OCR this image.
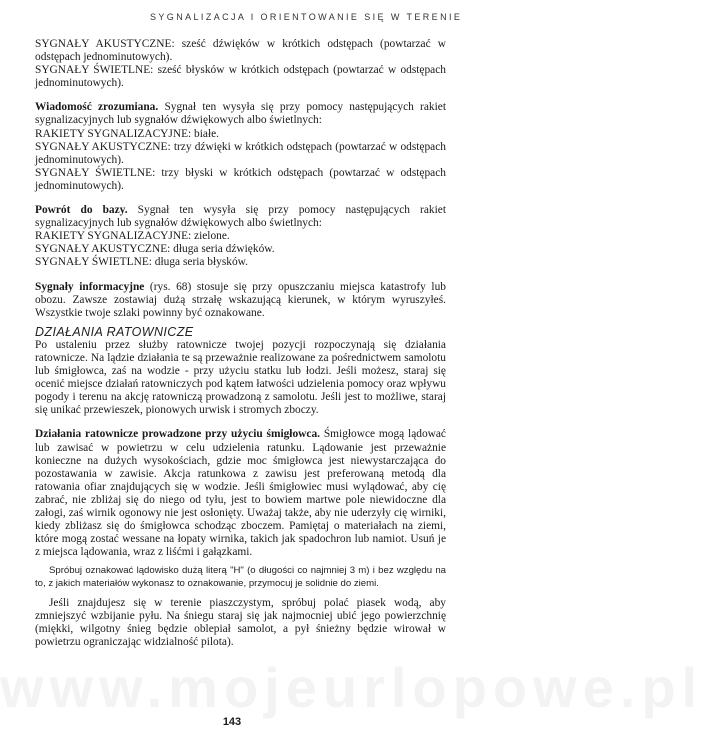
SYGNALIZACJA I ORIENTOWANIE SIĘ W TERENIE

SYGNAŁY AKUSTYCZNE: sześć dźwięków w krótkich odstępach (powtarzać w odstępach jednominutowych).

SYGNAŁY ŚWIETLNE: sześć błysków w krótkich odstępach (powtarzać w odstępach jednominutowych).

Wiadomość zrozumiana. Sygnał ten wysyła się przy pomocy następujących rakiet sygnalizacyjnych lub sygnałów dźwiękowych albo świetlnych:

RAKIETY SYGNALIZACYJNE: białe.

SYGNAŁY AKUSTYCZNE: trzy dźwięki w krótkich odstępach (powtarzać w odstępach jednominutowych).

SYGNAŁY ŚWIETLNE: trzy błyski w krótkich odstępach (powtarzać w odstępach jednominutowych).

Powrót do bazy. Sygnał ten wysyła się przy pomocy następujących rakiet sygnalizacyjnych lub sygnałów dźwiękowych albo świetlnych:

RAKIETY SYGNALIZACYJNE: zielone.

SYGNAŁY AKUSTYCZNE: długa seria dźwięków.

SYGNAŁY ŚWIETLNE: długa seria błysków.

Sygnały informacyjne (rys. 68) stosuje się przy opuszczaniu miejsca katastrofy lub obozu. Zawsze zostawiaj dużą strzałę wskazującą kierunek, w którym wyruszyłeś. Wszystkie twoje szlaki powinny być oznakowane.

DZIAŁANIA RATOWNICZE

Po ustaleniu przez służby ratownicze twojej pozycji rozpoczynają się działania ratownicze. Na lądzie działania te są przeważnie realizowane za pośrednictwem samolotu lub śmigłowca, zaś na wodzie - przy użyciu statku lub łodzi. Jeśli możesz, staraj się ocenić miejsce działań ratowniczych pod kątem łatwości udzielenia pomocy oraz wpływu pogody i terenu na akcję ratowniczą prowadzoną z samolotu. Jeśli jest to możliwe, staraj się unikać przewieszek, pionowych urwisk i stromych zboczy.

Działania ratownicze prowadzone przy użyciu śmigłowca. Śmigłowce mogą lądować lub zawisać w powietrzu w celu udzielenia ratunku. Lądowanie jest przeważnie konieczne na dużych wysokościach, gdzie moc śmigłowca jest niewystarczająca do pozostawania w zawisie. Akcja ratunkowa z zawisu jest preferowaną metodą dla ratowania ofiar znajdujących się w wodzie. Jeśli śmigłowiec musi wylądować, aby cię zabrać, nie zbliżaj się do niego od tyłu, jest to bowiem martwe pole niewidoczne dla załogi, zaś wirnik ogonowy nie jest osłonięty. Uważaj także, aby nie uderzyły cię wirniki, kiedy zbliżasz się do śmigłowca schodząc zboczem. Pamiętaj o materiałach na ziemi, które mogą zostać wessane na łopaty wirnika, takich jak spadochron lub namiot. Usuń je z miejsca lądowania, wraz z liśćmi i gałązkami.

Spróbuj oznakować lądowisko dużą literą "H" (o długości co najmniej 3 m) i bez względu na to, z jakich materiałów wykonasz to oznakowanie, przymocuj je solidnie do ziemi.

Jeśli znajdujesz się w terenie piaszczystym, spróbuj polać piasek wodą, aby zmniejszyć wzbijanie pyłu. Na śniegu staraj się jak najmocniej ubić jego powierzchnię (miękki, wilgotny śnieg będzie oblepiał samolot, a pył śnieżny będzie wirował w powietrzu ograniczając widzialność pilota).

www.mojeurlopowe.pl
143
